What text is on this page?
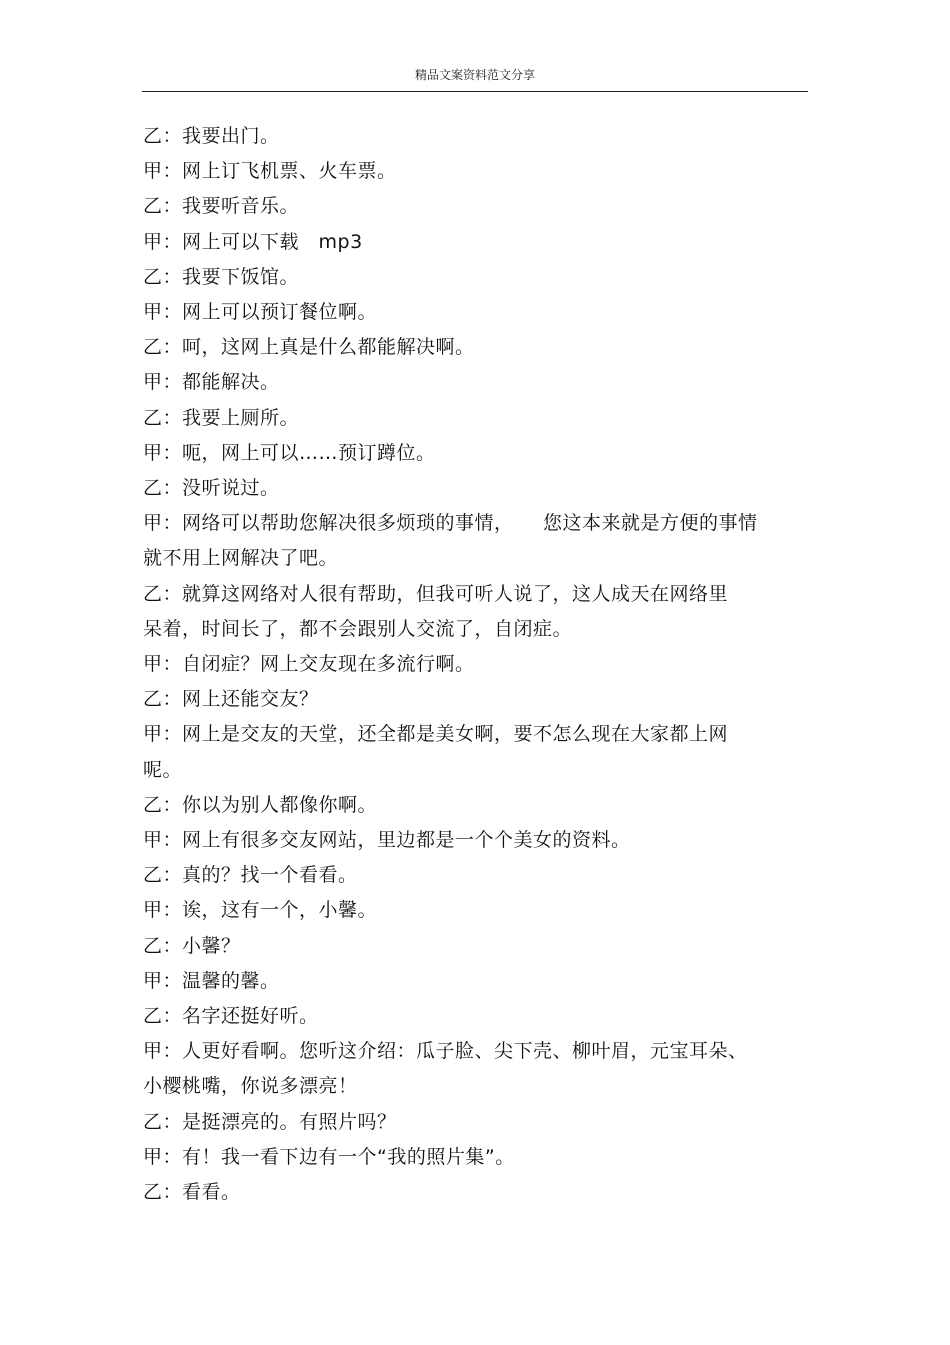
精品文案资料范文分享
乙：我要出门。
甲：网上订飞机票、火车票。
乙：我要听音乐。
甲：网上可以下载　mp3
乙：我要下饭馆。
甲：网上可以预订餐位啊。
乙：呵，这网上真是什么都能解决啊。
甲：都能解决。
乙：我要上厕所。
甲：呃，网上可以……预订蹲位。
乙：没听说过。
甲：网络可以帮助您解决很多烦琐的事情，　　您这本来就是方便的事情
就不用上网解决了吧。
乙：就算这网络对人很有帮助，但我可听人说了，这人成天在网络里
呆着，时间长了，都不会跟别人交流了，自闭症。
甲：自闭症？网上交友现在多流行啊。
乙：网上还能交友？
甲：网上是交友的天堂，还全都是美女啊，要不怎么现在大家都上网
呢。
乙：你以为别人都像你啊。
甲：网上有很多交友网站，里边都是一个个美女的资料。
乙：真的？找一个看看。
甲：诶，这有一个，小馨。
乙：小馨？
甲：温馨的馨。
乙：名字还挺好听。
甲：人更好看啊。您听这介绍：瓜子脸、尖下壳、柳叶眉，元宝耳朵、
小樱桃嘴，你说多漂亮！
乙：是挺漂亮的。有照片吗？
甲：有！我一看下边有一个“我的照片集”。
乙：看看。
